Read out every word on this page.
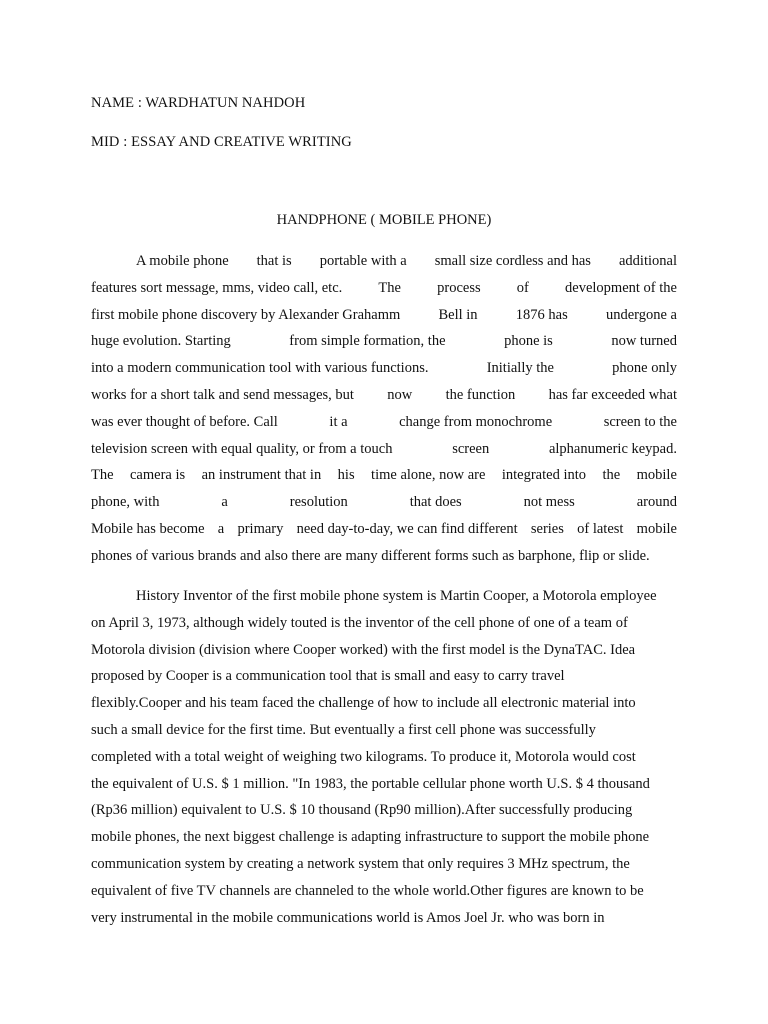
NAME : WARDHATUN NAHDOH
MID : ESSAY AND CREATIVE WRITING
HANDPHONE ( MOBILE PHONE)
A mobile phone that is portable with a small size cordless and has additional
features sort message, mms, video call, etc. The process of development of the
first mobile phone discovery by Alexander Grahamm	Bell in	1876 has	undergone a
huge evolution. Starting	from simple formation, the	phone is	now turned
into a modern communication tool with various functions.	Initially the	phone only
works for a short talk and send messages, but now the function has far exceeded what
was ever thought of before. Call	it a	change from monochrome	screen to the
television screen with equal quality, or from a touch	screen	alphanumeric keypad.
The camera is an instrument that in his time alone, now are integrated into the mobile
phone, with	a	resolution	that does	not mess	around
Mobile has become a primary need day-to-day, we can find different series of latest mobile
phones of various brands and also there are many different forms such as barphone, flip or slide.
History Inventor of the first mobile phone system is Martin Cooper, a Motorola employee
on April 3, 1973, although widely touted is the inventor of the cell phone of one of a team of
Motorola division (division where Cooper worked) with the first model is the DynaTAC. Idea
proposed by Cooper is a communication tool that is small and easy to carry travel
flexibly.Cooper and his team faced the challenge of how to include all electronic material into
such a small device for the first time. But eventually a first cell phone was successfully
completed with a total weight of weighing two kilograms. To produce it, Motorola would cost
the equivalent of U.S. $ 1 million. "In 1983, the portable cellular phone worth U.S. $ 4 thousand
(Rp36 million) equivalent to U.S. $ 10 thousand (Rp90 million).After successfully producing
mobile phones, the next biggest challenge is adapting infrastructure to support the mobile phone
communication system by creating a network system that only requires 3 MHz spectrum, the
equivalent of five TV channels are channeled to the whole world.Other figures are known to be
very instrumental in the mobile communications world is Amos Joel Jr. who was born in
